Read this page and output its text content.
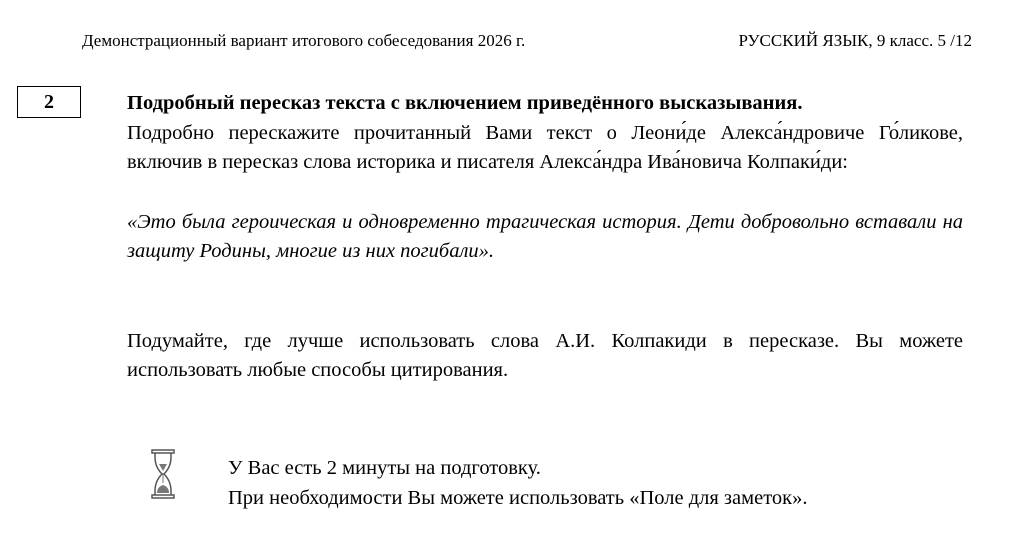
Демонстрационный вариант итогового собеседования 2026 г.	РУССКИЙ ЯЗЫК, 9 класс. 5 /12
2	Подробный пересказ текста с включением приведённого высказывания.

Подробно перескажите прочитанный Вами текст о Леони́де Алекса́ндровиче Го́ликове, включив в пересказ слова историка и писателя Алекса́ндра Ива́новича Колпаки́ди:

«Это была героическая и одновременно трагическая история. Дети добровольно вставали на защиту Родины, многие из них погибали».

Подумайте, где лучше использовать слова А.И. Колпакиди в пересказе. Вы можете использовать любые способы цитирования.

У Вас есть 2 минуты на подготовку.
При необходимости Вы можете использовать «Поле для заметок».
